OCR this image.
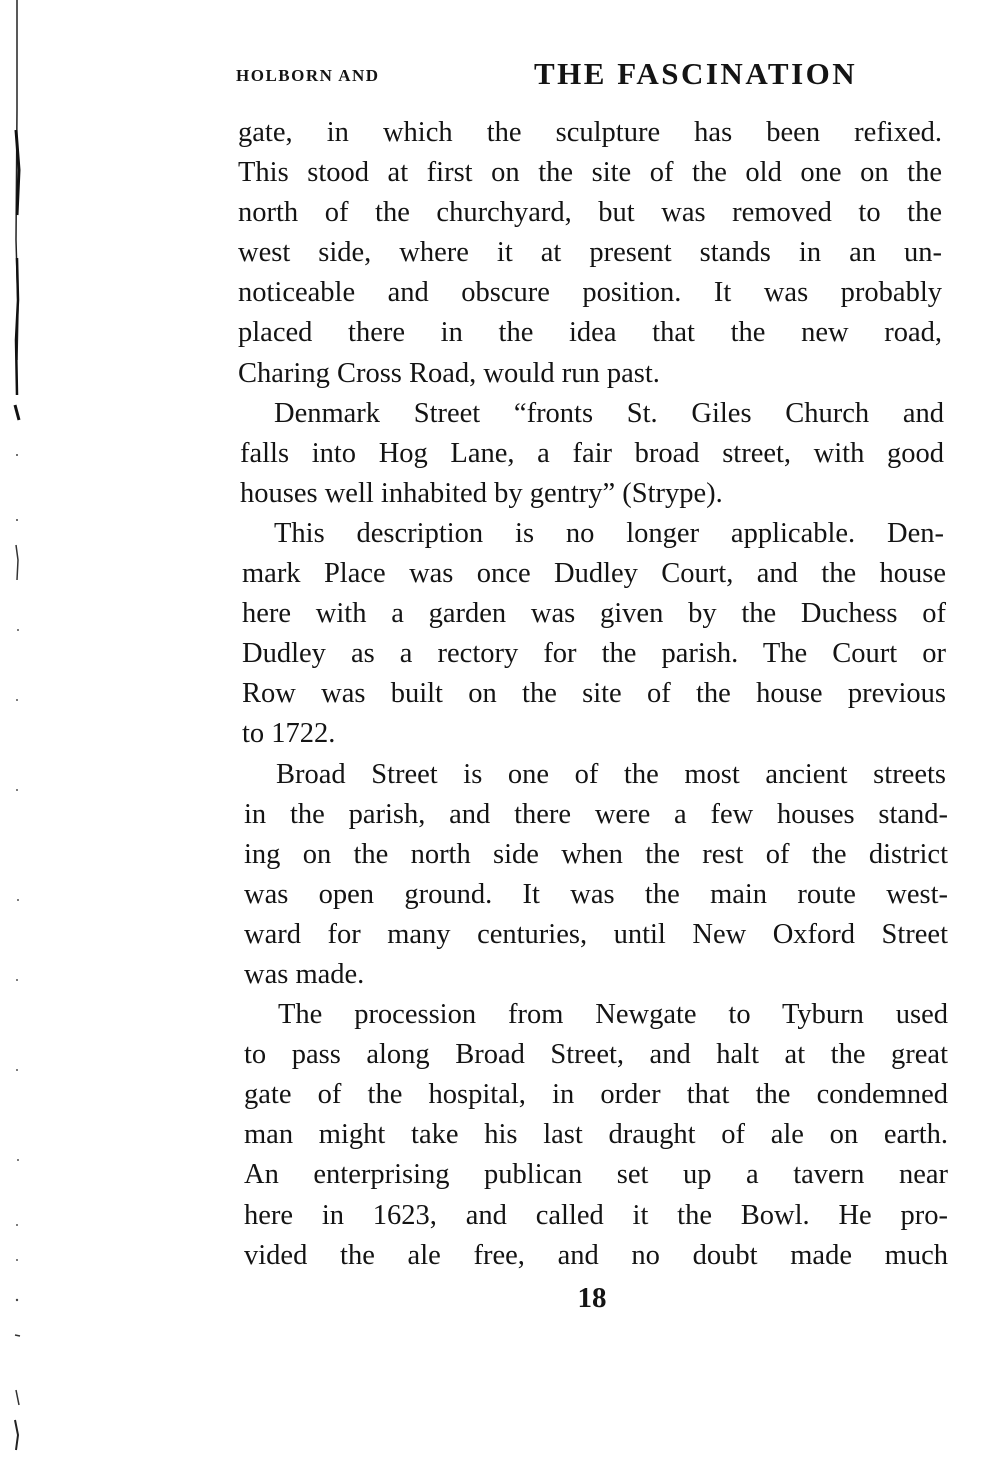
HOLBORN AND	THE FASCINATION
gate, in which the sculpture has been refixed.
This stood at first on the site of the old one on the
north of the churchyard, but was removed to the
west side, where it at present stands in an un-
noticeable and obscure position. It was probably
placed there in the idea that the new road,
Charing Cross Road, would run past.
Denmark Street “fronts St. Giles Church and
falls into Hog Lane, a fair broad street, with good
houses well inhabited by gentry” (Strype).
This description is no longer applicable. Den-
mark Place was once Dudley Court, and the house
here with a garden was given by the Duchess of
Dudley as a rectory for the parish. The Court or
Row was built on the site of the house previous
to 1722.
Broad Street is one of the most ancient streets
in the parish, and there were a few houses stand-
ing on the north side when the rest of the district
was open ground. It was the main route west-
ward for many centuries, until New Oxford Street
was made.
The procession from Newgate to Tyburn used
to pass along Broad Street, and halt at the great
gate of the hospital, in order that the condemned
man might take his last draught of ale on earth.
An enterprising publican set up a tavern near
here in 1623, and called it the Bowl. He pro-
vided the ale free, and no doubt made much
18
